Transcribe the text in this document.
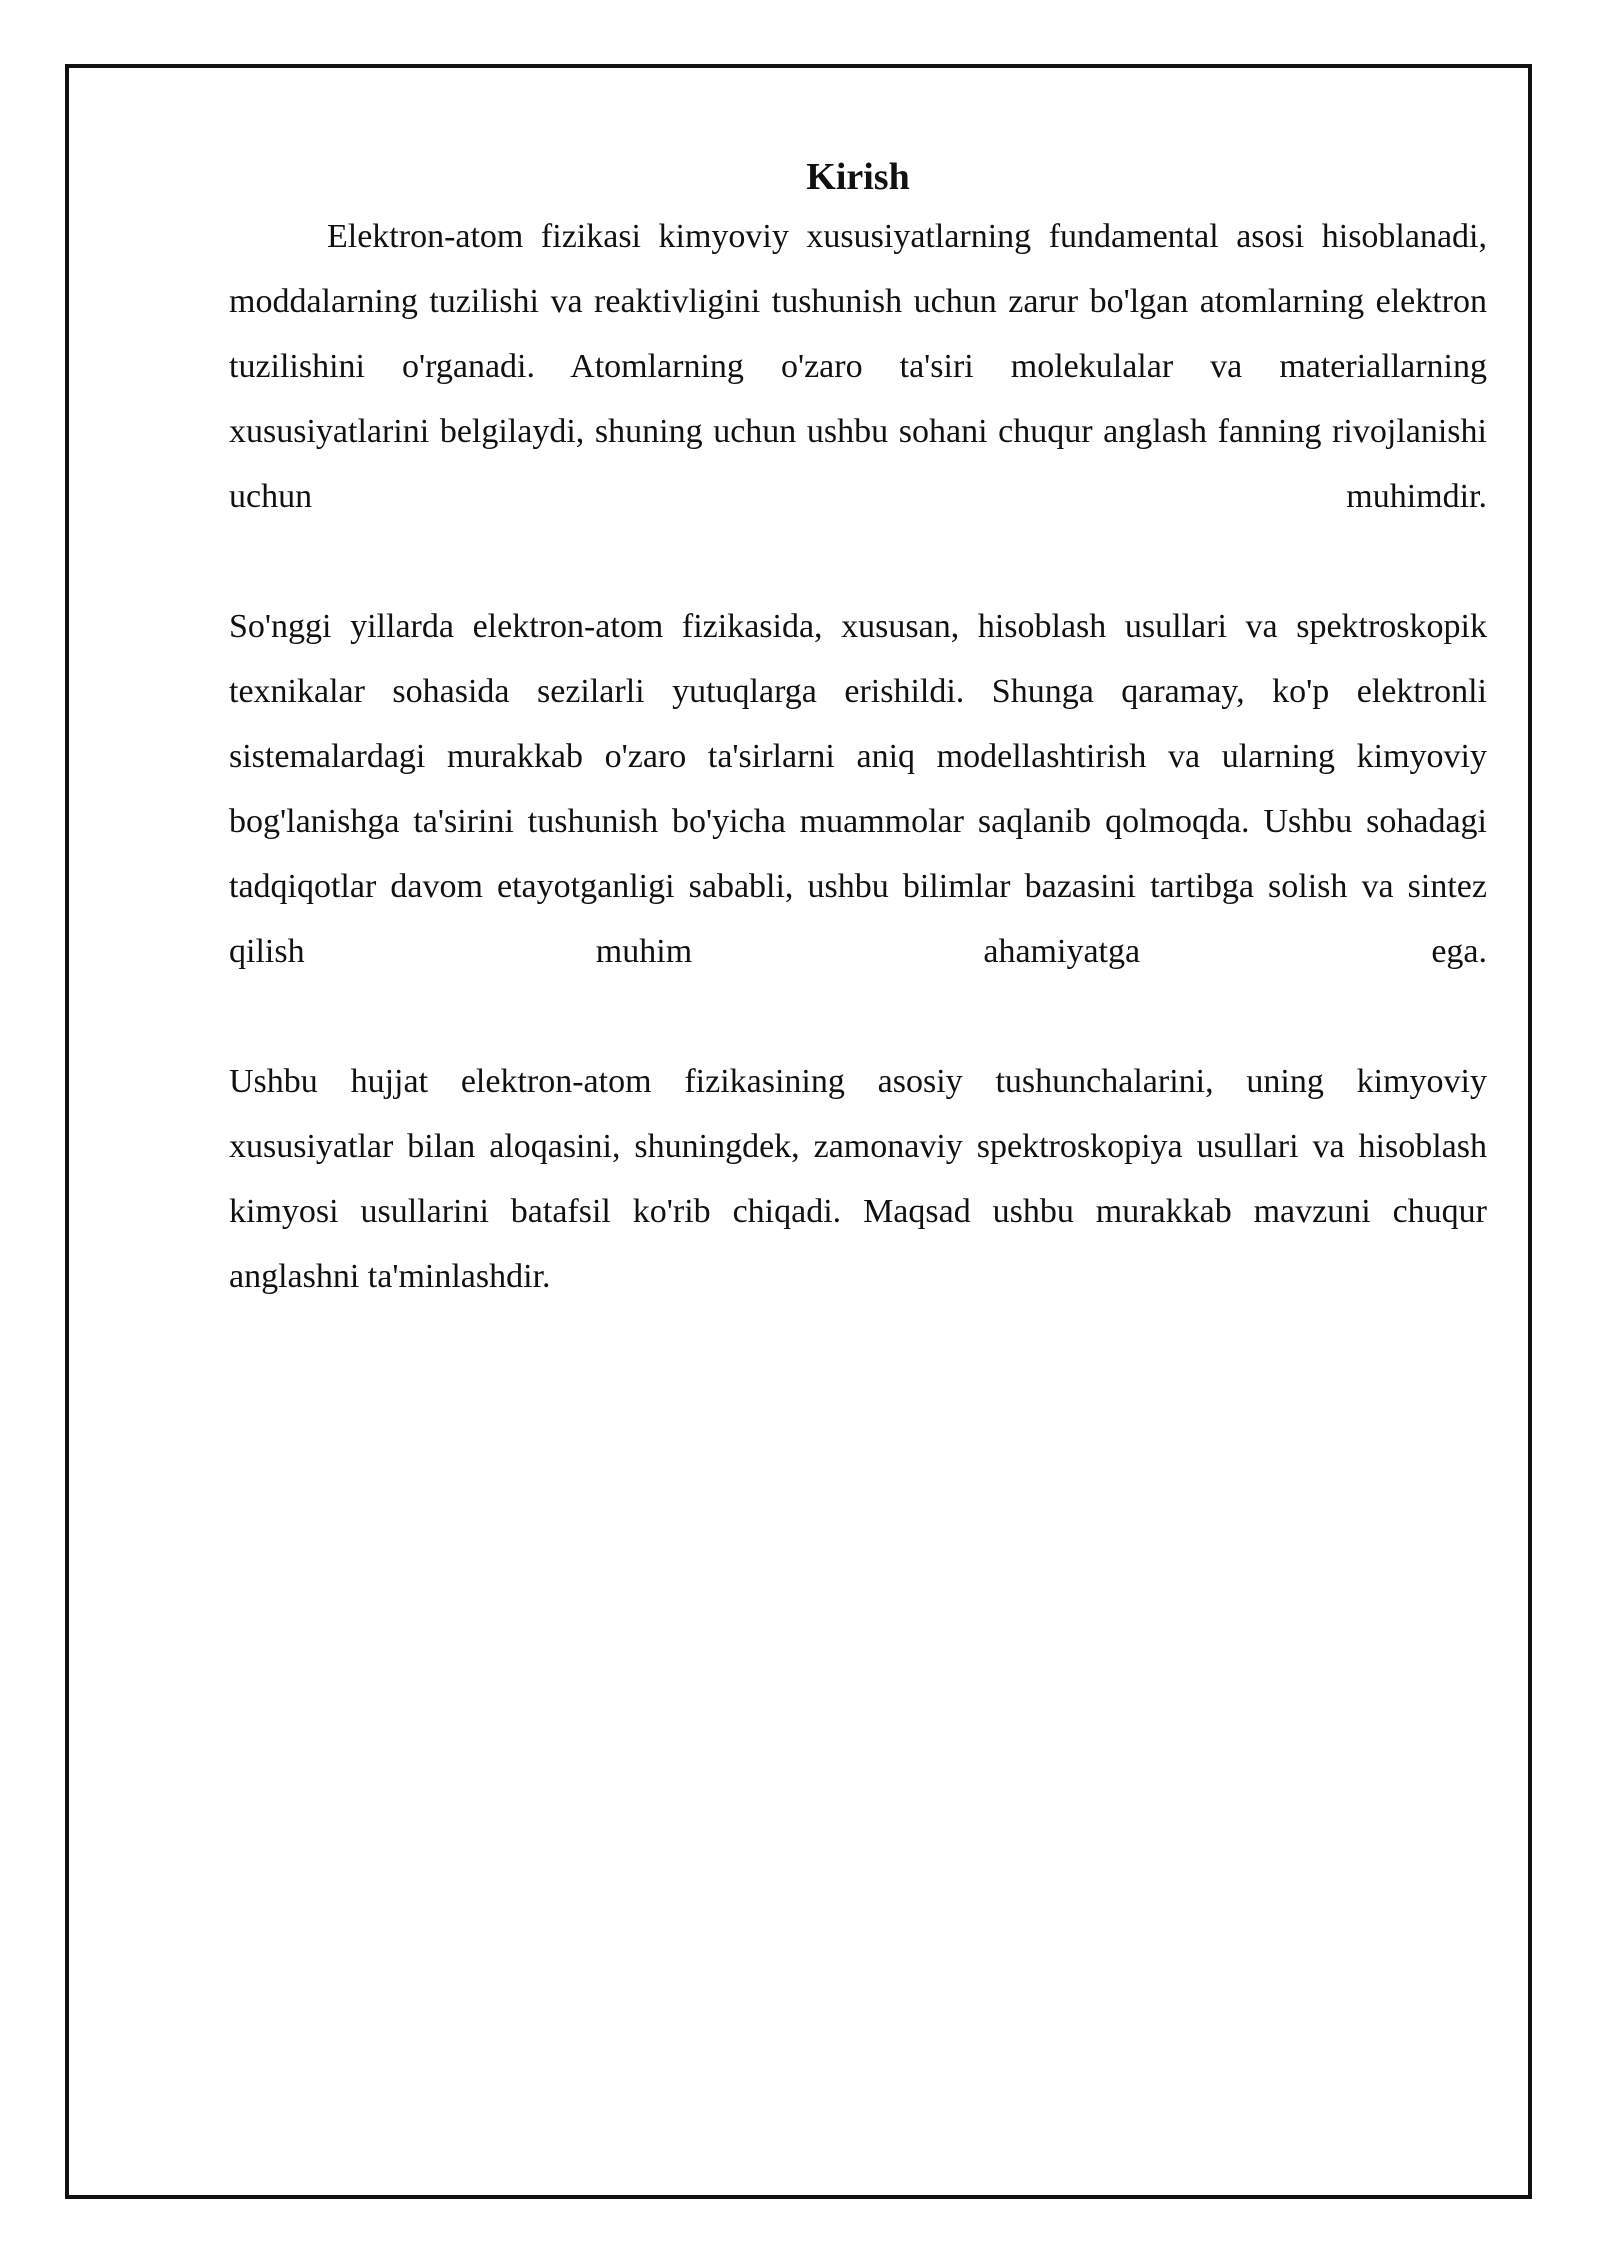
Kirish

Elektron-atom fizikasi kimyoviy xususiyatlarning fundamental asosi hisoblanadi, moddalarning tuzilishi va reaktivligini tushunish uchun zarur bo'lgan atomlarning elektron tuzilishini o'rganadi. Atomlarning o'zaro ta'siri molekulalar va materiallarning xususiyatlarini belgilaydi, shuning uchun ushbu sohani chuqur anglash fanning rivojlanishi uchun muhimdir.

So'nggi yillarda elektron-atom fizikasida, xususan, hisoblash usullari va spektroskopik texnikalar sohasida sezilarli yutuqlarga erishildi. Shunga qaramay, ko'p elektronli sistemalardagi murakkab o'zaro ta'sirlarni aniq modellashtirish va ularning kimyoviy bog'lanishga ta'sirini tushunish bo'yicha muammolar saqlanib qolmoqda. Ushbu sohadagi tadqiqotlar davom etayotganligi sababli, ushbu bilimlar bazasini tartibga solish va sintez qilish muhim ahamiyatga ega.

Ushbu hujjat elektron-atom fizikasining asosiy tushunchalarini, uning kimyoviy xususiyatlar bilan aloqasini, shuningdek, zamonaviy spektroskopiya usullari va hisoblash kimyosi usullarini batafsil ko'rib chiqadi. Maqsad ushbu murakkab mavzuni chuqur anglashni ta'minlashdir.
